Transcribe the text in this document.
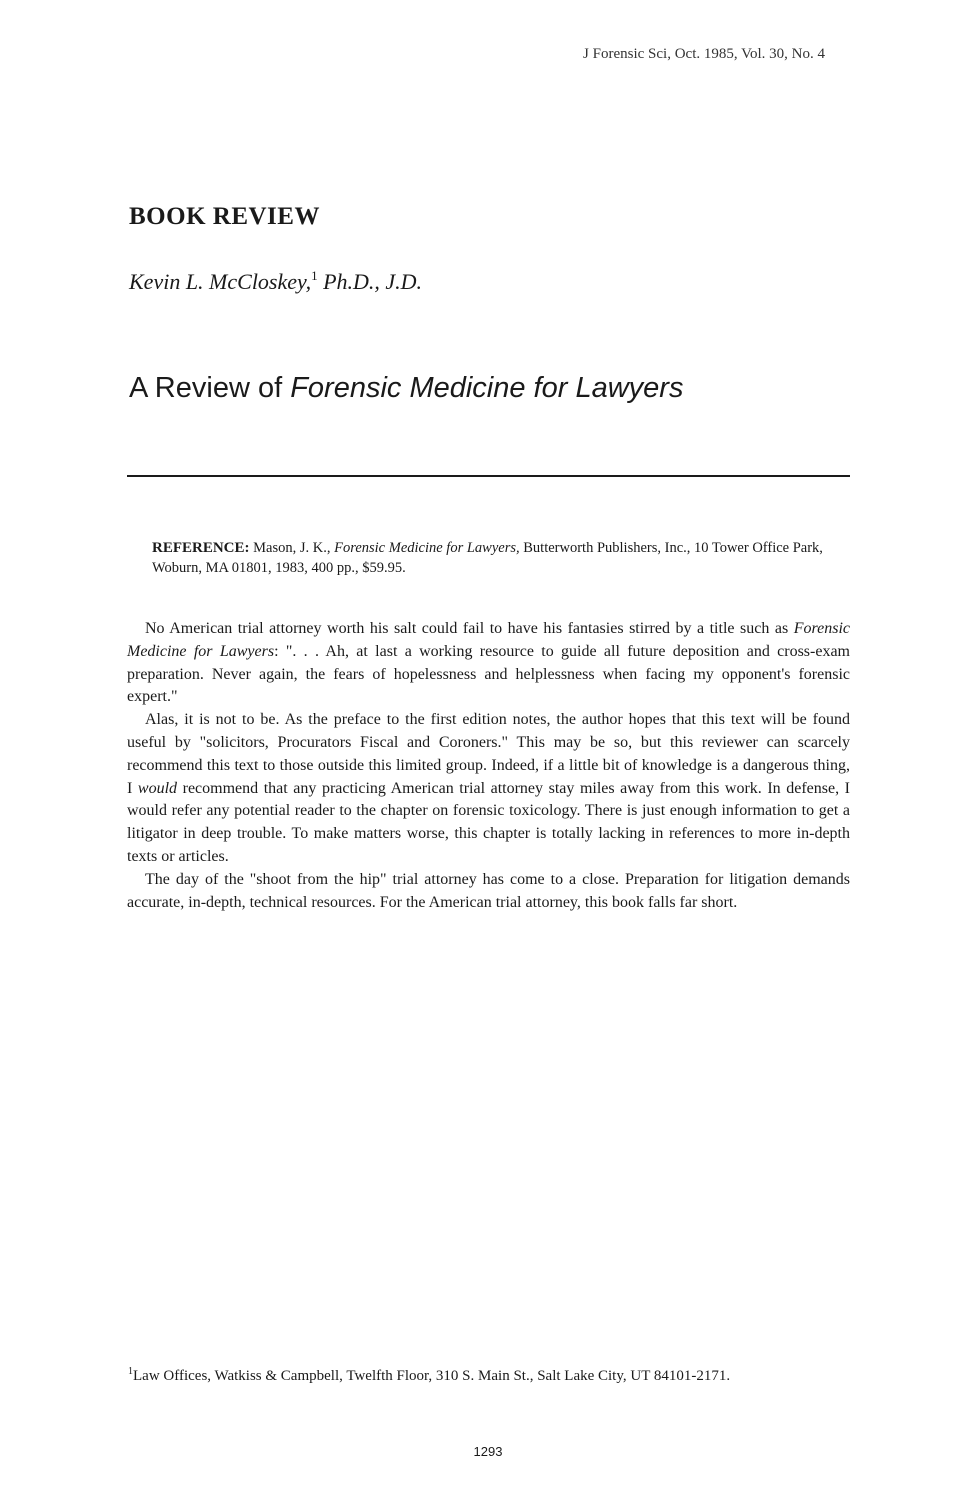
J Forensic Sci, Oct. 1985, Vol. 30, No. 4
BOOK REVIEW
Kevin L. McCloskey,$^1$ Ph.D., J.D.
A Review of Forensic Medicine for Lawyers
REFERENCE: Mason, J. K., Forensic Medicine for Lawyers, Butterworth Publishers, Inc., 10 Tower Office Park, Woburn, MA 01801, 1983, 400 pp., $59.95.

No American trial attorney worth his salt could fail to have his fantasies stirred by a title such as Forensic Medicine for Lawyers: ". . . Ah, at last a working resource to guide all future deposition and cross-exam preparation. Never again, the fears of hopelessness and helplessness when facing my opponent's forensic expert."

Alas, it is not to be. As the preface to the first edition notes, the author hopes that this text will be found useful by "solicitors, Procurators Fiscal and Coroners." This may be so, but this reviewer can scarcely recommend this text to those outside this limited group. Indeed, if a little bit of knowledge is a dangerous thing, I would recommend that any practicing American trial attorney stay miles away from this work. In defense, I would refer any potential reader to the chapter on forensic toxicology. There is just enough information to get a litigator in deep trouble. To make matters worse, this chapter is totally lacking in references to more in-depth texts or articles.

The day of the "shoot from the hip" trial attorney has come to a close. Preparation for litigation demands accurate, in-depth, technical resources. For the American trial attorney, this book falls far short.

$^1$Law Offices, Watkiss & Campbell, Twelfth Floor, 310 S. Main St., Salt Lake City, UT 84101-2171.
1293
